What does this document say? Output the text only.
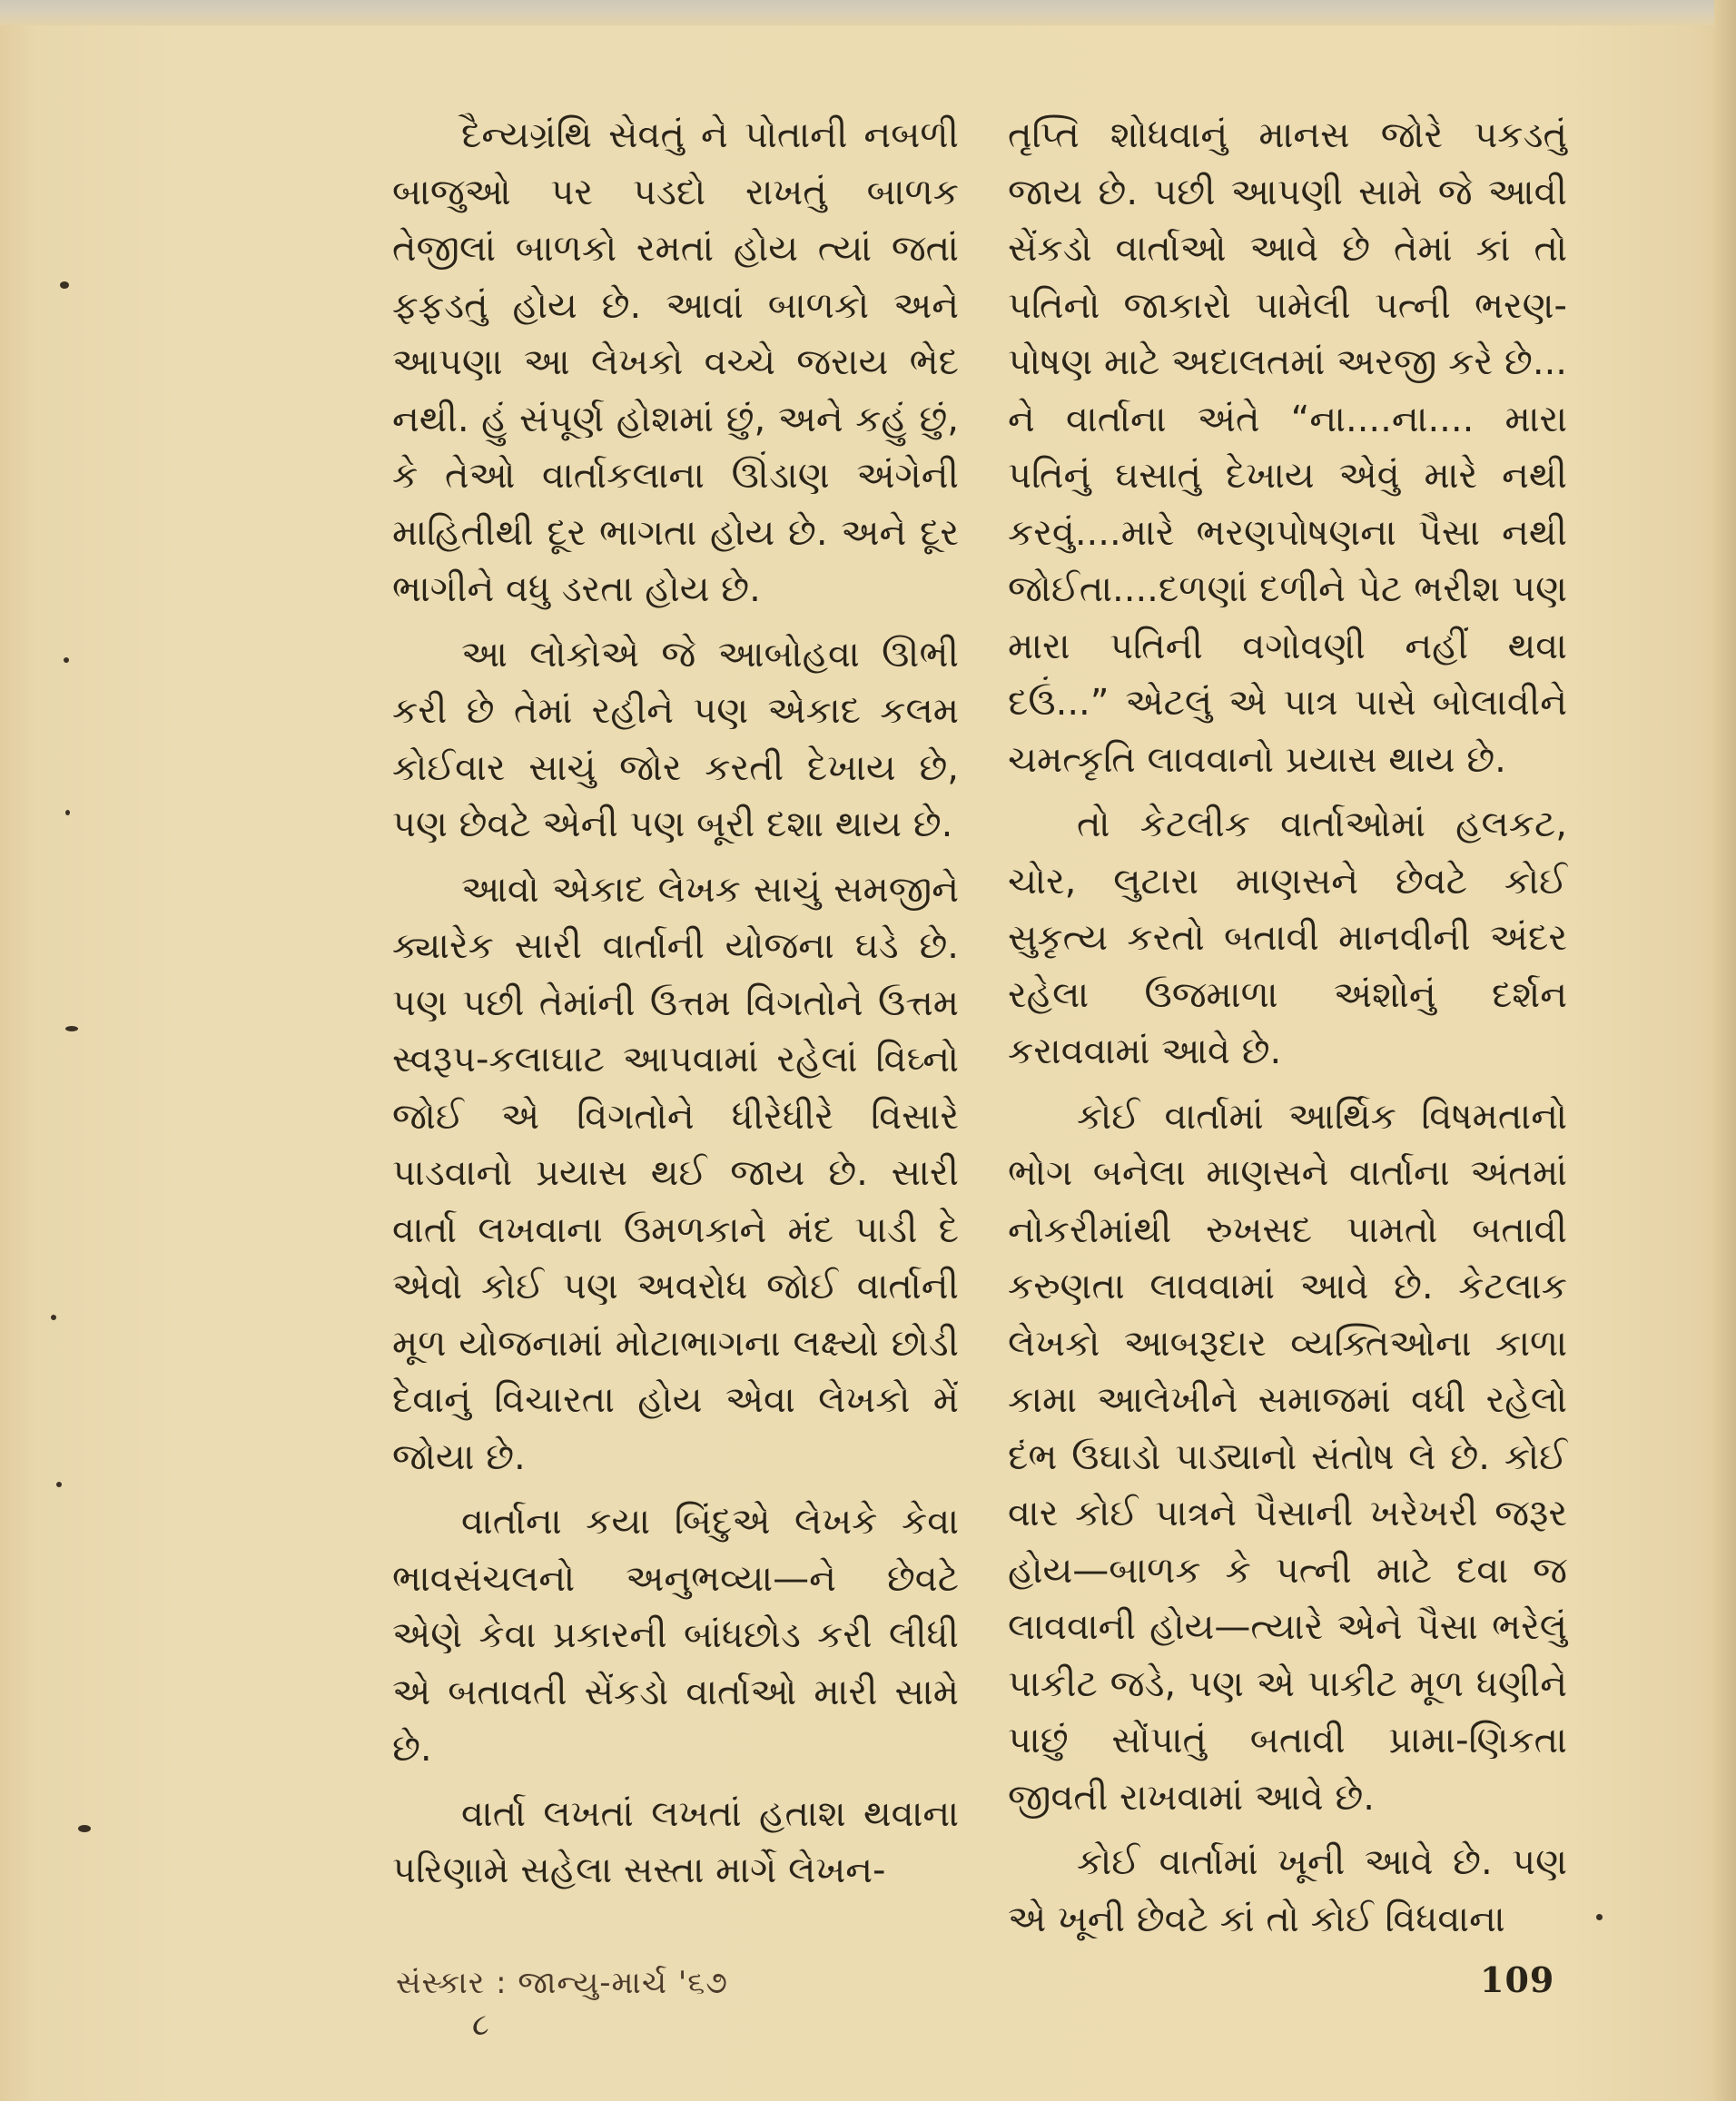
દૈન્યગ્રંથિ સેવતું ને પોતાની નબળી બાજુઓ પર પડદો રાખતું બાળક તેજીલાં બાળકો રમતાં હોય ત્યાં જતાં ફફડતું હોય છે. આવાં બાળકો અને આપણા આ લેખકો વચ્ચે જરાય ભેદ નથી. હું સંપૂર્ણ હોશમાં છું, અને કહું છું, કે તેઓ વાર્તાકલાના ઊંડાણ અંગેની માહિતીથી દૂર ભાગતા હોય છે. અને દૂર ભાગીને વધુ ડરતા હોય છે.

આ લોકોએ જે આબોહવા ઊભી કરી છે તેમાં રહીને પણ એકાદ કલમ કોઈવાર સાચું જોર કરતી દેખાય છે, પણ છેવટે એની પણ બૂરી દશા થાય છે.

આવો એકાદ લેખક સાચું સમજીને ક્યારેક સારી વાર્તાની યોજના ઘડે છે. પણ પછી તેમાંની ઉત્તમ વિગતોને ઉત્તમ સ્વરૂપ-કલાઘાટ આપવામાં રહેલાં વિઘ્નો જોઈ એ વિગતોને ધીરેધીરે વિસારે પાડવાનો પ્રયાસ થઈ જાય છે. સારી વાર્તા લખવાના ઉમળકાને મંદ પાડી દે એવો કોઈ પણ અવરોધ જોઈ વાર્તાની મૂળ યોજનામાં મોટાભાગના લક્ષ્યો છોડી દેવાનું વિચારતા હોય એવા લેખકો મેં જોયા છે.

વાર્તાના કયા બિંદુએ લેખકે કેવા ભાવસંચલનો અનુભવ્યા—ને છેવટે એણે કેવા પ્રકારની બાંધછોડ કરી લીધી એ બતાવતી સેંકડો વાર્તાઓ મારી સામે છે.

વાર્તા લખતાં લખતાં હતાશ થવાના પરિણામે સહેલા સસ્તા માર્ગે લેખન-

તૃપ્તિ શોધવાનું માનસ જોરે પકડતું જાય છે. પછી આપણી સામે જે આવી સેંકડો વાર્તાઓ આવે છે તેમાં કાં તો પતિનો જાકારો પામેલી પત્ની ભરણ-પોષણ માટે અદાલતમાં અરજી કરે છે... ને વાર્તાના અંતે “ના....ના.... મારા પતિનું ઘસાતું દેખાય એવું મારે નથી કરવું....મારે ભરણપોષણના પૈસા નથી જોઈતા....દળણાં દળીને પેટ ભરીશ પણ મારા પતિની વગોવણી નહીં થવા દઉં...” એટલું એ પાત્ર પાસે બોલાવીને ચમત્કૃતિ લાવવાનો પ્રયાસ થાય છે.

તો કેટલીક વાર્તાઓમાં હલકટ, ચોર, લુટારા માણસને છેવટે કોઈ સુકૃત્ય કરતો બતાવી માનવીની અંદર રહેલા ઉજમાળા અંશોનું દર્શન કરાવવામાં આવે છે.

કોઈ વાર્તામાં આર્થિક વિષમતાનો ભોગ બનેલા માણસને વાર્તાના અંતમાં નોકરીમાંથી રુખસદ પામતો બતાવી કરુણતા લાવવામાં આવે છે. કેટલાક લેખકો આબરૂદાર વ્યક્તિઓના કાળા કામા આલેખીને સમાજમાં વધી રહેલો દંભ ઉઘાડો પાડ્યાનો સંતોષ લે છે. કોઈ વાર કોઈ પાત્રને પૈસાની ખરેખરી જરૂર હોય—બાળક કે પત્ની માટે દવા જ લાવવાની હોય—ત્યારે એને પૈસા ભરેલું પાકીટ જડે, પણ એ પાકીટ મૂળ ધણીને પાછું સોંપાતું બતાવી પ્રામા-ણિકતા જીવતી રાખવામાં આવે છે.

કોઈ વાર્તામાં ખૂની આવે છે. પણ એ ખૂની છેવટે કાં તો કોઈ વિધવાના

સંસ્કાર : જાન્યુ-માર્ચ '૬૭
૮
109
